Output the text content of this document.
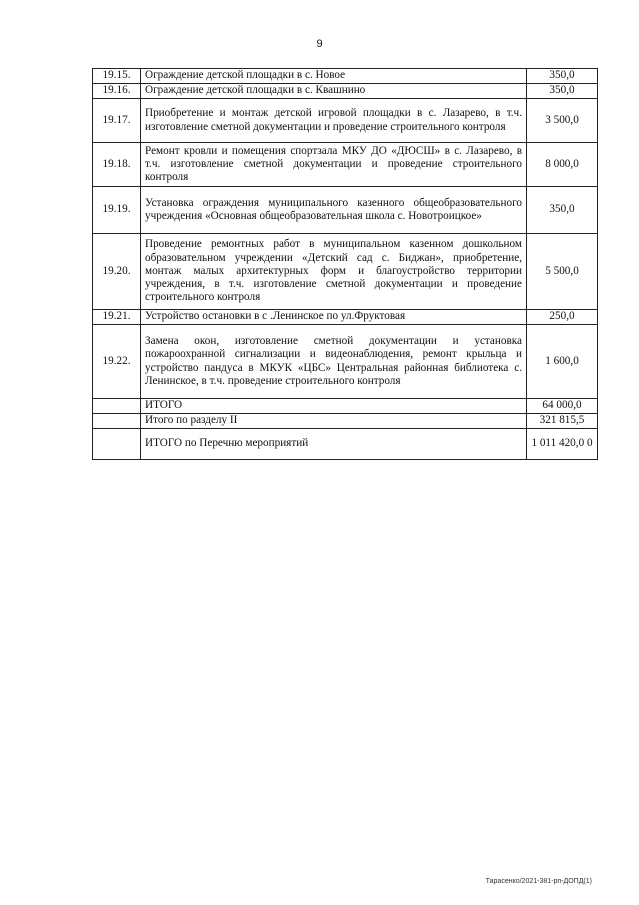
9
19.15.	Ограждение детской площадки в с. Новое	350,0
19.16.	Ограждение детской площадки в с. Квашнино	350,0
19.17.	Приобретение и монтаж детской игровой площадки в с. Лазарево, в т.ч. изготовление сметной документации и проведение строительного контроля	3 500,0
19.18.	Ремонт кровли и помещения спортзала МКУ ДО «ДЮСШ» в с. Лазарево, в т.ч. изготовление сметной документации и проведение строительного контроля	8 000,0
19.19.	Установка ограждения муниципального казенного общеобразовательного учреждения «Основная общеобразовательная школа с. Новотроицкое»	350,0
19.20.	Проведение ремонтных работ в муниципальном казенном дошкольном образовательном учреждении «Детский сад с. Биджан», приобретение, монтаж малых архитектурных форм и благоустройство территории учреждения, в т.ч. изготовление сметной документации и проведение строительного контроля	5 500,0
19.21.	Устройство остановки в с .Ленинское по ул.Фруктовая	250,0
19.22.	Замена окон, изготовление сметной документации и установка пожароохранной сигнализации и видеонаблюдения, ремонт крыльца и устройство пандуса в МКУК «ЦБС» Центральная районная библиотека с. Ленинское, в т.ч. проведение строительного контроля	1 600,0
	ИТОГО	64 000,0
	Итого по разделу II	321 815,5
	ИТОГО по Перечню мероприятий	1 011 420,0 0
Тарасенко/2021-381-рп-ДОПД(1)
